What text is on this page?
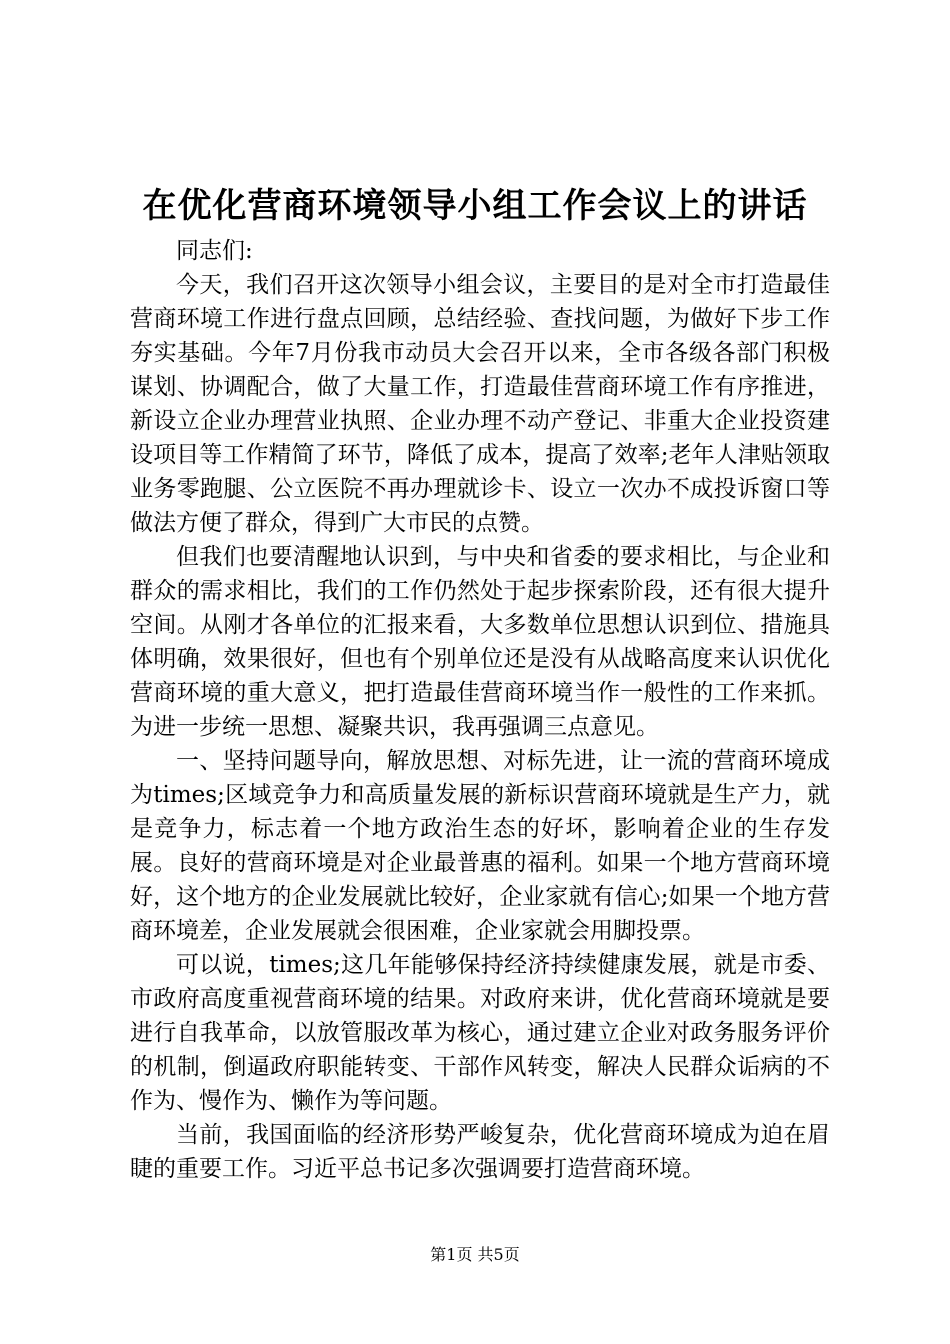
在优化营商环境领导小组工作会议上的讲话

同志们:

今天，我们召开这次领导小组会议，主要目的是对全市打造最佳营商环境工作进行盘点回顾，总结经验、查找问题，为做好下步工作夯实基础。今年7月份我市动员大会召开以来，全市各级各部门积极谋划、协调配合，做了大量工作，打造最佳营商环境工作有序推进，新设立企业办理营业执照、企业办理不动产登记、非重大企业投资建设项目等工作精简了环节，降低了成本，提高了效率;老年人津贴领取业务零跑腿、公立医院不再办理就诊卡、设立一次办不成投诉窗口等做法方便了群众，得到广大市民的点赞。

但我们也要清醒地认识到，与中央和省委的要求相比，与企业和群众的需求相比，我们的工作仍然处于起步探索阶段，还有很大提升空间。从刚才各单位的汇报来看，大多数单位思想认识到位、措施具体明确，效果很好，但也有个别单位还是没有从战略高度来认识优化营商环境的重大意义，把打造最佳营商环境当作一般性的工作来抓。为进一步统一思想、凝聚共识，我再强调三点意见。

一、坚持问题导向，解放思想、对标先进，让一流的营商环境成为times;区域竞争力和高质量发展的新标识营商环境就是生产力，就是竞争力，标志着一个地方政治生态的好坏，影响着企业的生存发展。良好的营商环境是对企业最普惠的福利。如果一个地方营商环境好，这个地方的企业发展就比较好，企业家就有信心;如果一个地方营商环境差，企业发展就会很困难，企业家就会用脚投票。

可以说，times;这几年能够保持经济持续健康发展，就是市委、市政府高度重视营商环境的结果。对政府来讲，优化营商环境就是要进行自我革命，以放管服改革为核心，通过建立企业对政务服务评价的机制，倒逼政府职能转变、干部作风转变，解决人民群众诟病的不作为、慢作为、懒作为等问题。

当前，我国面临的经济形势严峻复杂，优化营商环境成为迫在眉睫的重要工作。习近平总书记多次强调要打造营商环境。

第1页 共5页
